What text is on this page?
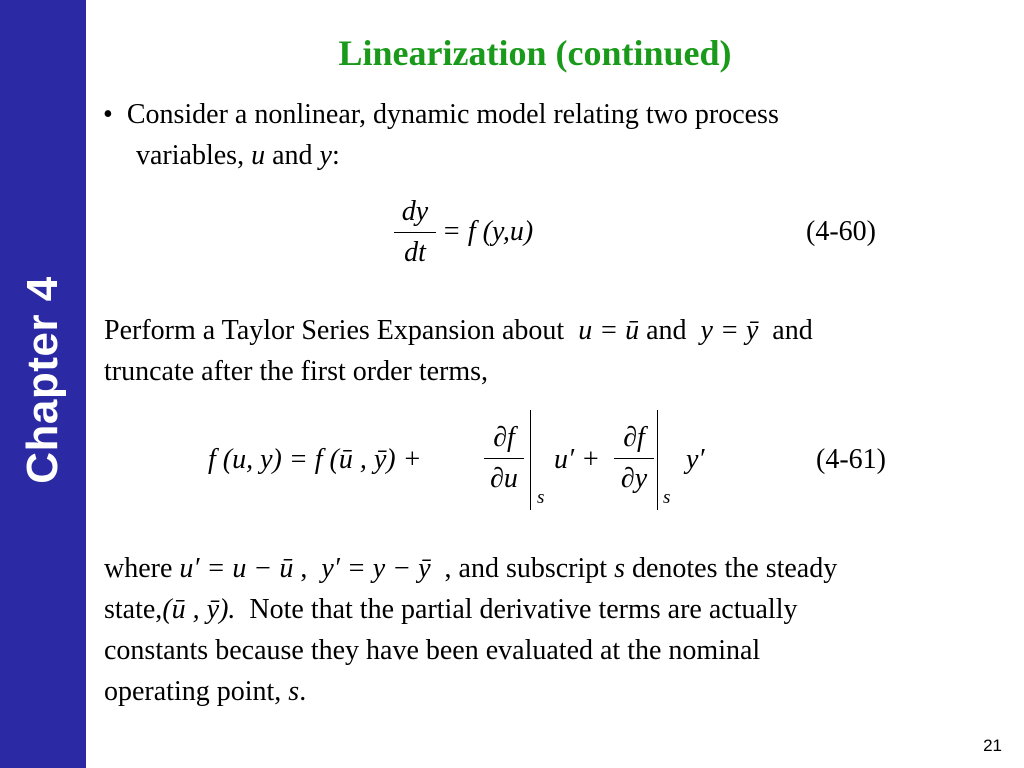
Chapter 4
Linearization (continued)
• Consider a nonlinear, dynamic model relating two process
variables, u and y:
dy
dt
= f (y,u)	(4-60)
Perform a Taylor Series Expansion about u = ū and y = ȳ and
truncate after the first order terms,
f (u, y) = f (ū , ȳ) +
∂f
∂u
s
u′ +
∂f
∂y
s
y′	(4-61)
where u′ = u − ū , y′ = y − ȳ , and subscript s denotes the steady
state,(ū , ȳ). Note that the partial derivative terms are actually
constants because they have been evaluated at the nominal
operating point, s.
21
